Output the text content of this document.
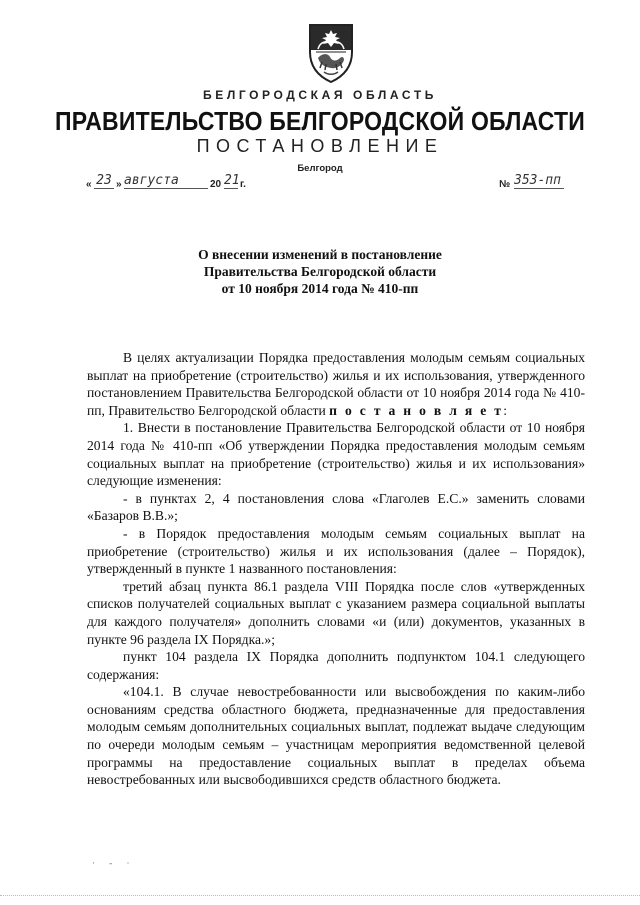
БЕЛГОРОДСКАЯ ОБЛАСТЬ
ПРАВИТЕЛЬСТВО БЕЛГОРОДСКОЙ ОБЛАСТИ
ПОСТАНОВЛЕНИЕ
Белгород
« 23 » августа	20 21 г.	№ 353-пп
О внесении изменений в постановление
Правительства Белгородской области
от 10 ноября 2014 года № 410-пп

В целях актуализации Порядка предоставления молодым семьям социальных выплат на приобретение (строительство) жилья и их использования, утвержденного постановлением Правительства Белгородской области от 10 ноября 2014 года № 410-пп, Правительство Белгородской области п о с т а н о в л я е т:

1. Внести в постановление Правительства Белгородской области от 10 ноября 2014 года № 410-пп «Об утверждении Порядка предоставления молодым семьям социальных выплат на приобретение (строительство) жилья и их использования» следующие изменения:

- в пунктах 2, 4 постановления слова «Глаголев Е.С.» заменить словами «Базаров В.В.»;

- в Порядок предоставления молодым семьям социальных выплат на приобретение (строительство) жилья и их использования (далее – Порядок), утвержденный в пункте 1 названного постановления:

третий абзац пункта 86.1 раздела VIII Порядка после слов «утвержденных списков получателей социальных выплат с указанием размера социальной выплаты для каждого получателя» дополнить словами «и (или) документов, указанных в пункте 96 раздела IX Порядка.»;

пункт 104 раздела IX Порядка дополнить подпунктом 104.1 следующего содержания:

«104.1. В случае невостребованности или высвобождения по каким-либо основаниям средства областного бюджета, предназначенные для предоставления молодым семьям дополнительных социальных выплат, подлежат выдаче следующим по очереди молодым семьям – участницам мероприятия ведомственной целевой программы на предоставление социальных выплат в пределах объема невостребованных или высвободившихся средств областного бюджета.

· - ·
